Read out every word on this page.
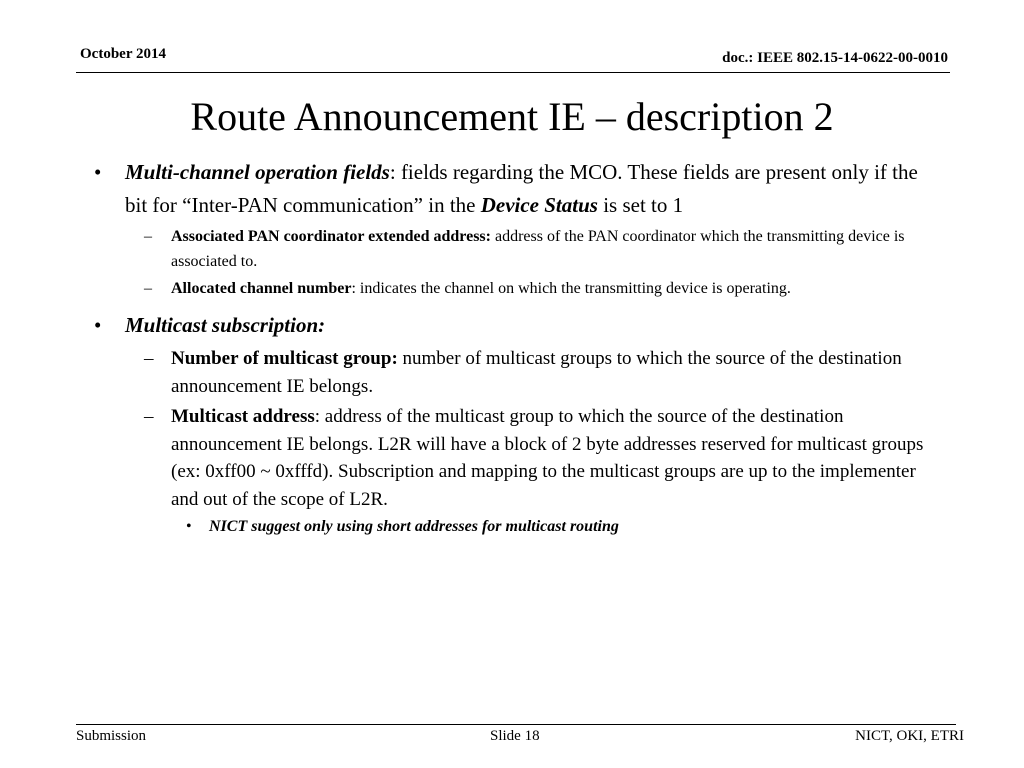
October 2014	doc.: IEEE 802.15-14-0622-00-0010
Route Announcement IE – description 2
• Multi-channel operation fields: fields regarding the MCO. These fields are present only if the bit for “Inter-PAN communication” in the Device Status is set to 1
– Associated PAN coordinator extended address: address of the PAN coordinator which the transmitting device is associated to.
– Allocated channel number: indicates the channel on which the transmitting device is operating.
• Multicast subscription:
– Number of multicast group: number of multicast groups to which the source of the destination announcement IE belongs.
– Multicast address: address of the multicast group to which the source of the destination announcement IE belongs. L2R will have a block of 2 byte addresses reserved for multicast groups (ex: 0xff00 ~ 0xfffd). Subscription and mapping to the multicast groups are up to the implementer and out of the scope of L2R.
• NICT suggest only using short addresses for multicast routing
Submission	Slide 18	NICT, OKI, ETRI
